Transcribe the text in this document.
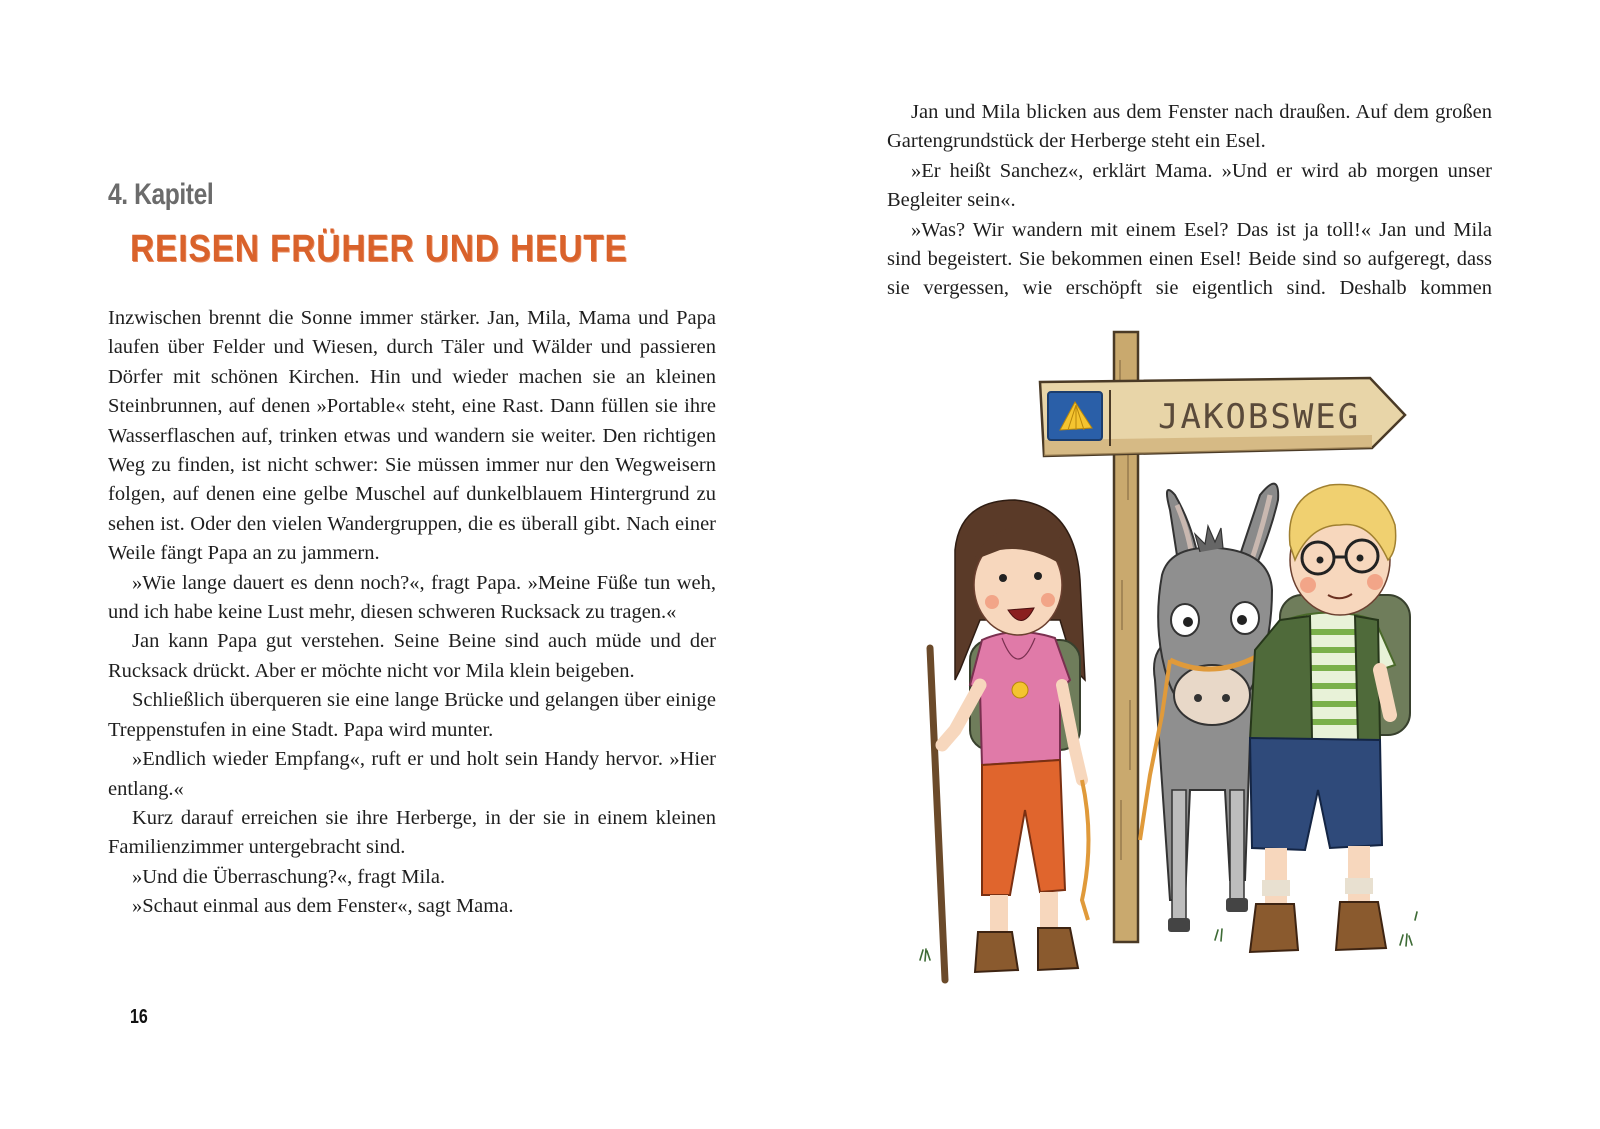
4. Kapitel
REISEN FRÜHER UND HEUTE

Inzwischen brennt die Sonne immer stärker. Jan, Mila, Mama und Papa laufen über Felder und Wiesen, durch Täler und Wälder und passieren Dörfer mit schönen Kirchen. Hin und wieder machen sie an kleinen Steinbrunnen, auf denen »Portable« steht, eine Rast. Dann füllen sie ihre Wasserflaschen auf, trinken etwas und wandern sie weiter. Den richtigen Weg zu finden, ist nicht schwer: Sie müssen immer nur den Wegweisern folgen, auf denen eine gelbe Muschel auf dunkelblauem Hintergrund zu sehen ist. Oder den vielen Wandergruppen, die es überall gibt. Nach einer Weile fängt Papa an zu jammern.

»Wie lange dauert es denn noch?«, fragt Papa. »Meine Füße tun weh, und ich habe keine Lust mehr, diesen schweren Rucksack zu tragen.«

Jan kann Papa gut verstehen. Seine Beine sind auch müde und der Rucksack drückt. Aber er möchte nicht vor Mila klein beigeben.

Schließlich überqueren sie eine lange Brücke und gelangen über einige Treppenstufen in eine Stadt. Papa wird munter.

»Endlich wieder Empfang«, ruft er und holt sein Handy hervor. »Hier entlang.«

Kurz darauf erreichen sie ihre Herberge, in der sie in einem kleinen Familienzimmer untergebracht sind.

»Und die Überraschung?«, fragt Mila.

»Schaut einmal aus dem Fenster«, sagt Mama.

16

Jan und Mila blicken aus dem Fenster nach draußen. Auf dem großen Gartengrundstück der Herberge steht ein Esel.

»Er heißt Sanchez«, erklärt Mama. »Und er wird ab morgen unser Begleiter sein«.

»Was? Wir wandern mit einem Esel? Das ist ja toll!« Jan und Mila sind begeistert. Sie bekommen einen Esel! Beide sind so aufgeregt, dass sie vergessen, wie erschöpft sie eigentlich sind. Deshalb kommen

JAKOBSWEG
